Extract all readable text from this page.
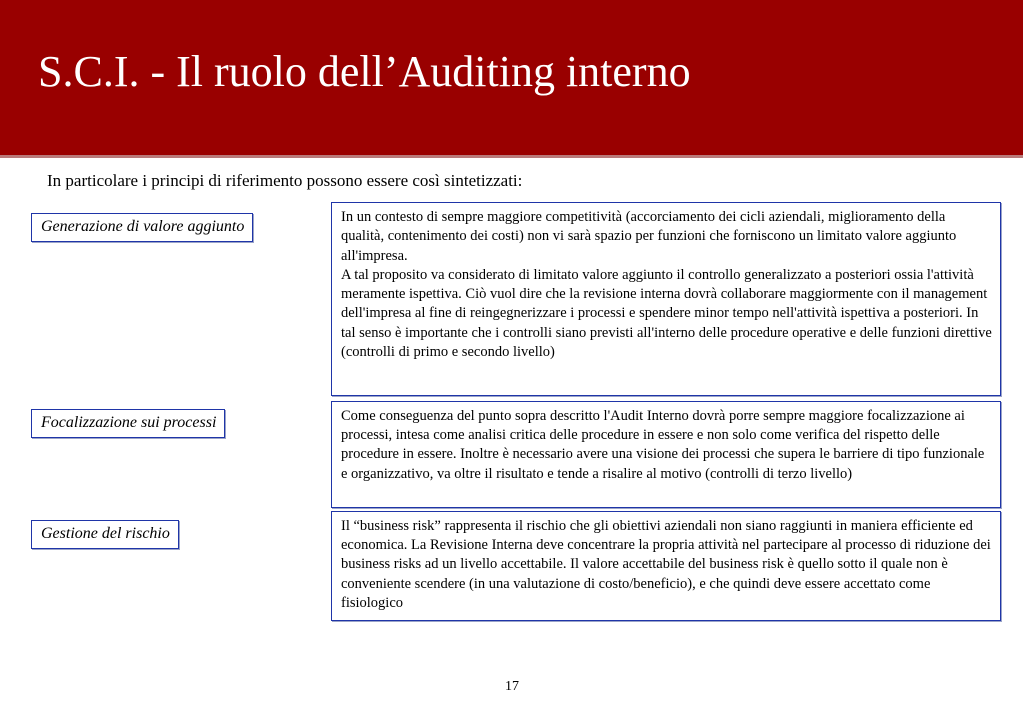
S.C.I. - Il ruolo dell’Auditing interno
In particolare i principi di riferimento possono essere così sintetizzati:
Generazione di valore aggiunto
In un contesto di sempre maggiore competitività (accorciamento dei cicli aziendali, miglioramento della qualità, contenimento dei costi) non vi sarà spazio per funzioni che forniscono un limitato valore aggiunto all'impresa.
A tal proposito va considerato di limitato valore aggiunto il controllo generalizzato a posteriori ossia l'attività meramente ispettiva. Ciò vuol dire che la revisione interna dovrà collaborare maggiormente con il management dell'impresa al fine di reingegnerizzare i processi e spendere minor tempo nell'attività ispettiva a posteriori. In tal senso è importante che i controlli siano previsti all'interno delle procedure operative e delle funzioni direttive (controlli di primo e secondo livello)
Focalizzazione sui processi	Come conseguenza del punto sopra descritto l'Audit Interno dovrà porre sempre maggiore focalizzazione ai processi, intesa come analisi critica delle procedure in essere e non solo come verifica del rispetto delle procedure in essere. Inoltre è necessario avere una visione dei processi che supera le barriere di tipo funzionale e organizzativo, va oltre il risultato e tende a risalire al motivo (controlli di terzo livello)
Gestione del rischio	Il “business risk” rappresenta il rischio che gli obiettivi aziendali non siano raggiunti in maniera efficiente ed economica. La Revisione Interna deve concentrare la propria attività nel partecipare al processo di riduzione dei business risks ad un livello accettabile. Il valore accettabile del business risk è quello sotto il quale non è conveniente scendere (in una valutazione di costo/beneficio), e che quindi deve essere accettato come fisiologico
17
